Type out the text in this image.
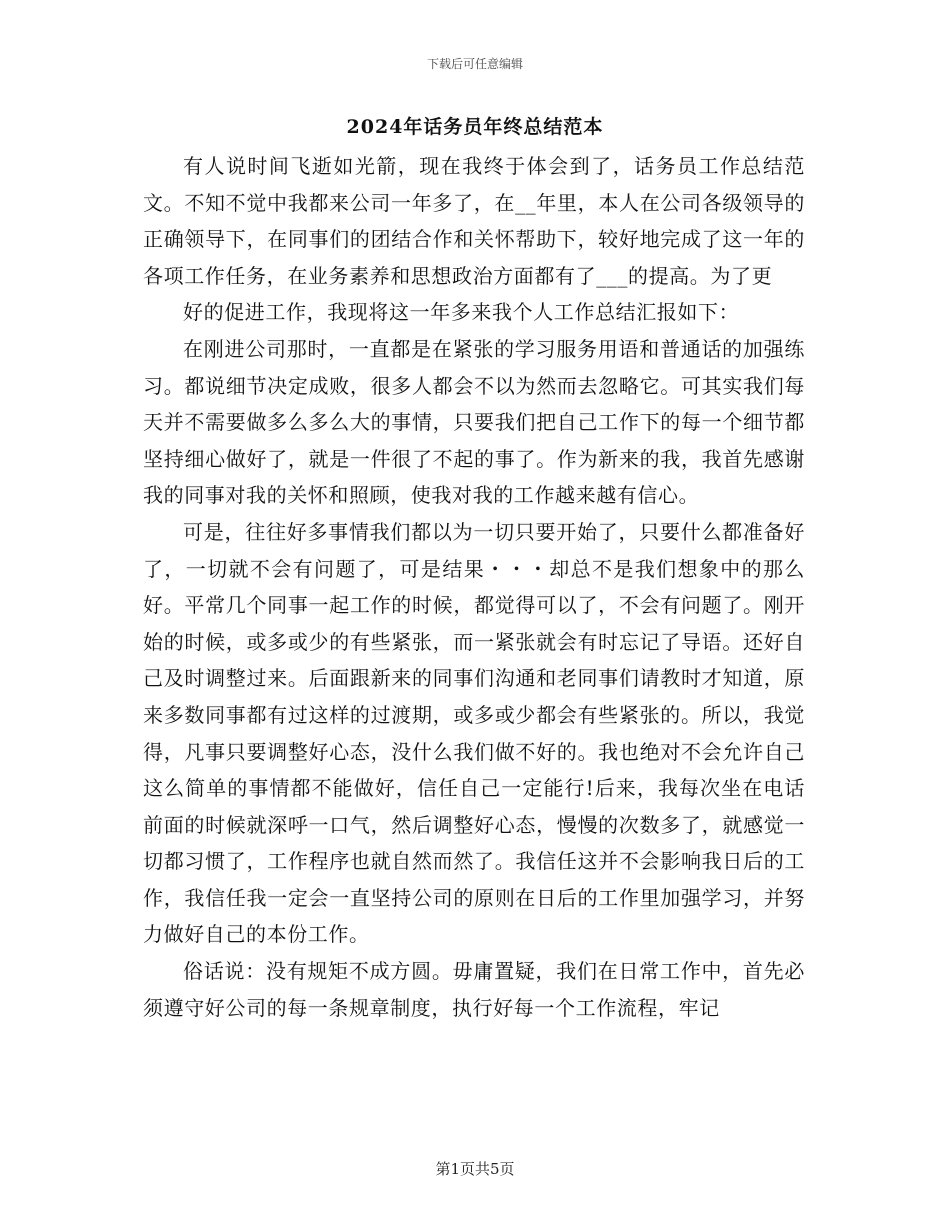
下载后可任意编辑
2024年话务员年终总结范本

有人说时间飞逝如光箭，现在我终于体会到了，话务员工作总结范文。不知不觉中我都来公司一年多了，在__年里，本人在公司各级领导的正确领导下，在同事们的团结合作和关怀帮助下，较好地完成了这一年的各项工作任务，在业务素养和思想政治方面都有了___的提高。为了更

好的促进工作，我现将这一年多来我个人工作总结汇报如下：

在刚进公司那时，一直都是在紧张的学习服务用语和普通话的加强练习。都说细节决定成败，很多人都会不以为然而去忽略它。可其实我们每天并不需要做多么多么大的事情，只要我们把自己工作下的每一个细节都坚持细心做好了，就是一件很了不起的事了。作为新来的我，我首先感谢我的同事对我的关怀和照顾，使我对我的工作越来越有信心。

可是，往往好多事情我们都以为一切只要开始了，只要什么都准备好了，一切就不会有问题了，可是结果・・・却总不是我们想象中的那么好。平常几个同事一起工作的时候，都觉得可以了，不会有问题了。刚开始的时候，或多或少的有些紧张，而一紧张就会有时忘记了导语。还好自己及时调整过来。后面跟新来的同事们沟通和老同事们请教时才知道，原来多数同事都有过这样的过渡期，或多或少都会有些紧张的。所以，我觉得，凡事只要调整好心态，没什么我们做不好的。我也绝对不会允许自己这么简单的事情都不能做好，信任自己一定能行!后来，我每次坐在电话前面的时候就深呼一口气，然后调整好心态，慢慢的次数多了，就感觉一切都习惯了，工作程序也就自然而然了。我信任这并不会影响我日后的工作，我信任我一定会一直坚持公司的原则在日后的工作里加强学习，并努力做好自己的本份工作。

俗话说：没有规矩不成方圆。毋庸置疑，我们在日常工作中，首先必须遵守好公司的每一条规章制度，执行好每一个工作流程，牢记

第1页共5页
